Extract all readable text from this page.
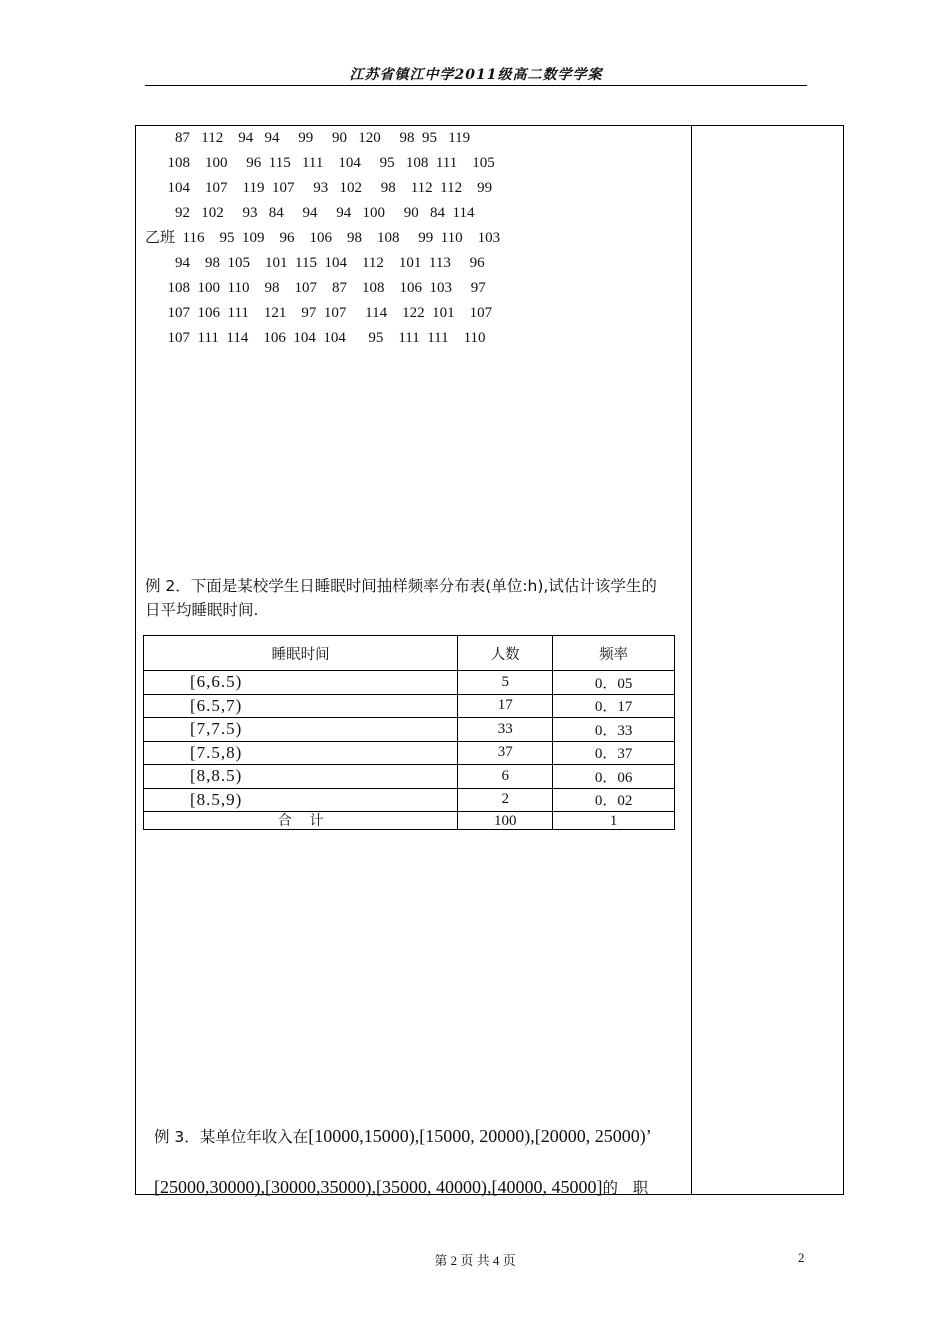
江苏省镇江中学2011级高二数学学案
87   112    94   94     99     90   120     98  95   119
108    100     96  115   111    104     95   108  111    105
104    107    119  107     93   102     98    112  112    99
92   102     93   84     94     94   100     90   84  114
乙班  116    95  109    96    106    98    108     99  110    103
94    98  105    101  115  104    112    101  113     96
108  100  110    98    107    87    108    106  103     97
107  106  111    121    97  107     114    122  101    107
107  111  114    106  104  104      95    111  111    110
例 2．下面是某校学生日睡眠时间抽样频率分布表(单位:h),试估计该学生的
日平均睡眠时间.
睡眠时间	人数	频率
[6,6.5)	5	0．05
[6.5,7)	17	0．17
[7,7.5)	33	0．33
[7.5,8)	37	0．37
[8,8.5)	6	0．06
[8.5,9)	2	0．02
合    计	100	1

例 3．某单位年收入在[10000,15000),[15000, 20000),[20000, 25000)’

[25000,30000),[30000,35000),[35000, 40000),[40000, 45000]的   职

第 2 页 共 4 页	2
